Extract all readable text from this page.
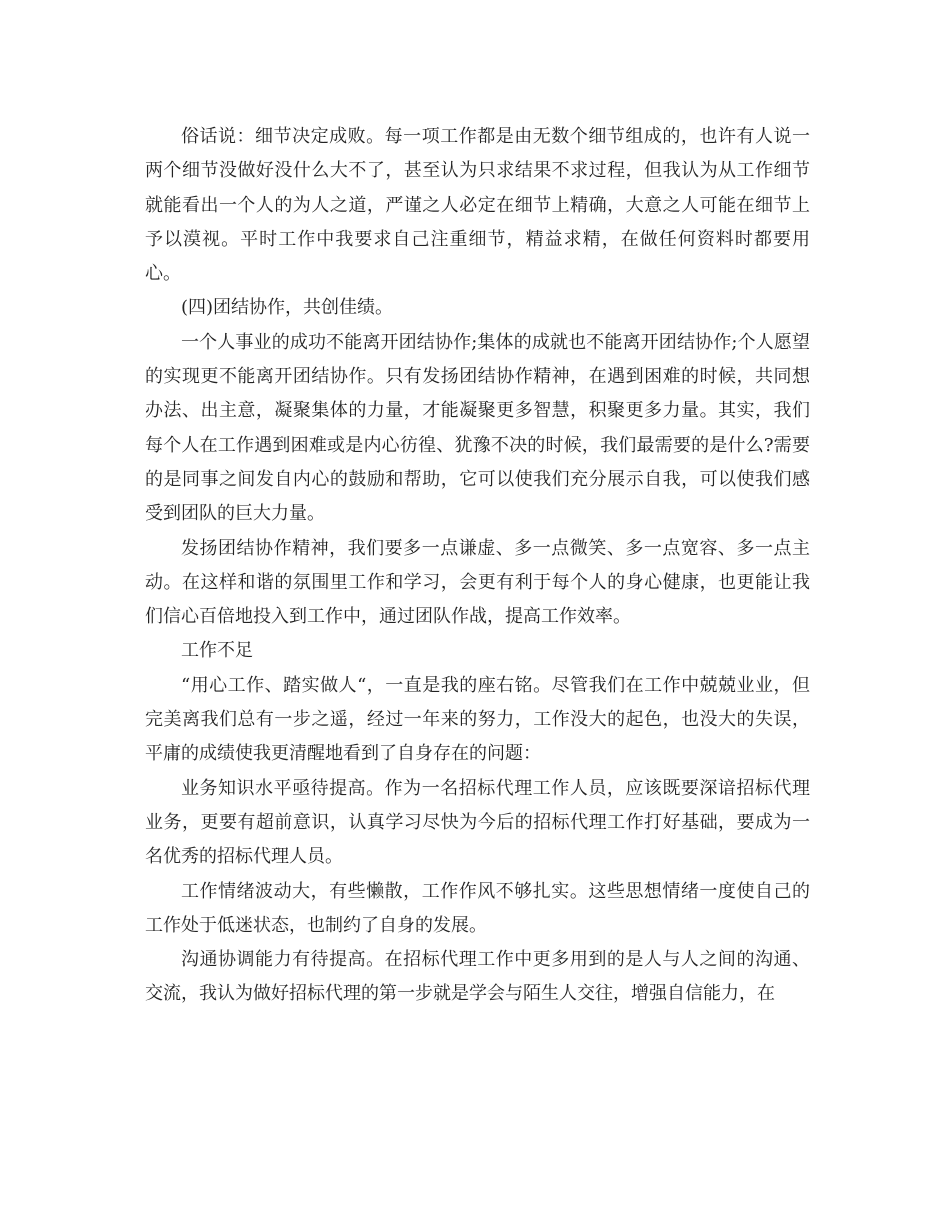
俗话说：细节决定成败。每一项工作都是由无数个细节组成的，也许有人说一两个细节没做好没什么大不了，甚至认为只求结果不求过程，但我认为从工作细节就能看出一个人的为人之道，严谨之人必定在细节上精确，大意之人可能在细节上予以漠视。平时工作中我要求自己注重细节，精益求精，在做任何资料时都要用心。

(四)团结协作，共创佳绩。

一个人事业的成功不能离开团结协作;集体的成就也不能离开团结协作;个人愿望的实现更不能离开团结协作。只有发扬团结协作精神，在遇到困难的时候，共同想办法、出主意，凝聚集体的力量，才能凝聚更多智慧，积聚更多力量。其实，我们每个人在工作遇到困难或是内心彷徨、犹豫不决的时候，我们最需要的是什么?需要的是同事之间发自内心的鼓励和帮助，它可以使我们充分展示自我，可以使我们感受到团队的巨大力量。

发扬团结协作精神，我们要多一点谦虚、多一点微笑、多一点宽容、多一点主动。在这样和谐的氛围里工作和学习，会更有利于每个人的身心健康，也更能让我们信心百倍地投入到工作中，通过团队作战，提高工作效率。

工作不足

“用心工作、踏实做人“，一直是我的座右铭。尽管我们在工作中兢兢业业，但完美离我们总有一步之遥，经过一年来的努力，工作没大的起色，也没大的失误，平庸的成绩使我更清醒地看到了自身存在的问题：

业务知识水平亟待提高。作为一名招标代理工作人员，应该既要深谙招标代理业务，更要有超前意识，认真学习尽快为今后的招标代理工作打好基础，要成为一名优秀的招标代理人员。

工作情绪波动大，有些懒散，工作作风不够扎实。这些思想情绪一度使自己的工作处于低迷状态，也制约了自身的发展。

沟通协调能力有待提高。在招标代理工作中更多用到的是人与人之间的沟通、交流，我认为做好招标代理的第一步就是学会与陌生人交往，增强自信能力，在
